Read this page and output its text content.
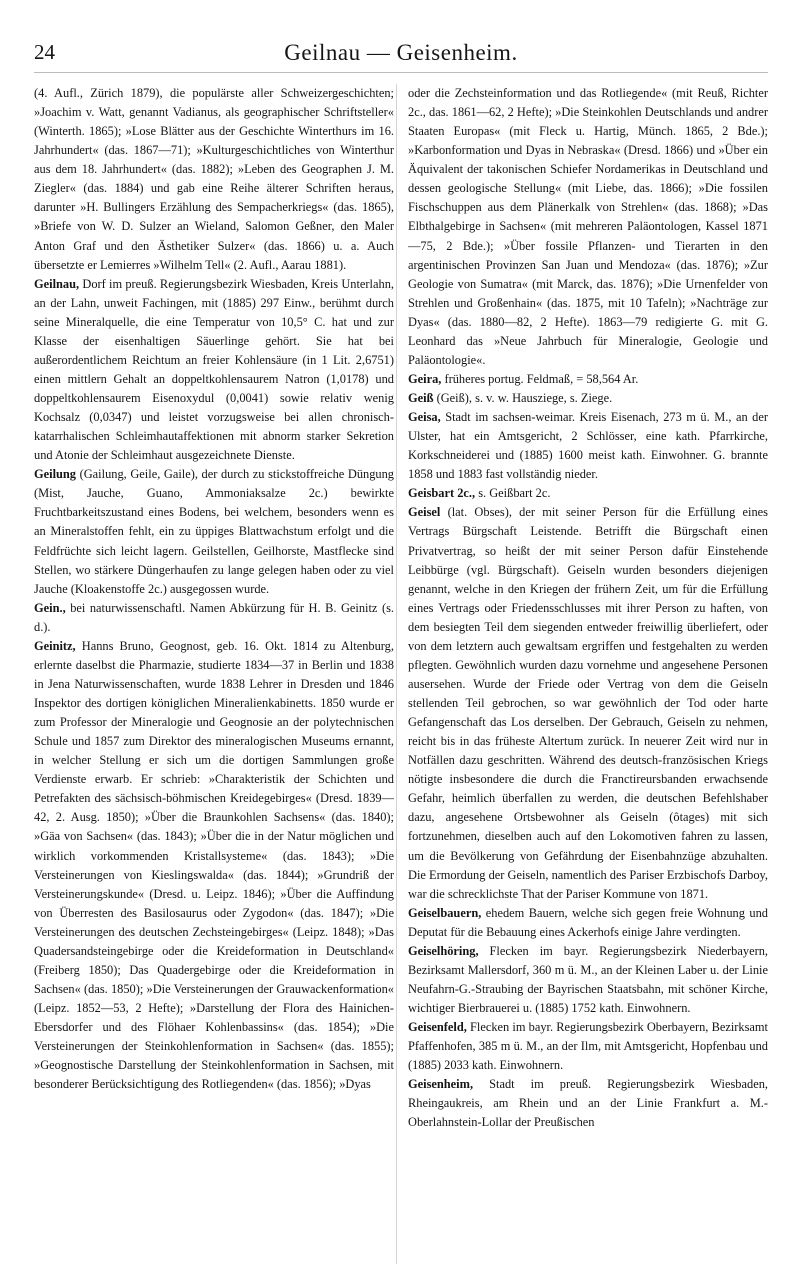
24	Geilnau — Geisenheim.

(4. Aufl., Zürich 1879), die populärste aller Schweizergeschichten; »Joachim v. Watt, genannt Vadianus, als geographischer Schriftsteller« (Winterth. 1865); »Lose Blätter aus der Geschichte Winterthurs im 16. Jahrhundert« (das. 1867—71); »Kulturgeschichtliches von Winterthur aus dem 18. Jahrhundert« (das. 1882); »Leben des Geographen J. M. Ziegler« (das. 1884) und gab eine Reihe älterer Schriften heraus, darunter »H. Bullingers Erzählung des Sempacherkriegs« (das. 1865), »Briefe von W. D. Sulzer an Wieland, Salomon Geßner, den Maler Anton Graf und den Ästhetiker Sulzer« (das. 1866) u. a. Auch übersetzte er Lemierres »Wilhelm Tell« (2. Aufl., Aarau 1881).

Geilnau, Dorf im preuß. Regierungsbezirk Wiesbaden, Kreis Unterlahn, an der Lahn, unweit Fachingen, mit (1885) 297 Einw., berühmt durch seine Mineralquelle, die eine Temperatur von 10,5° C. hat und zur Klasse der eisenhaltigen Säuerlinge gehört. Sie hat bei außerordentlichem Reichtum an freier Kohlensäure (in 1 Lit. 2,6751) einen mittlern Gehalt an doppeltkohlensaurem Natron (1,0178) und doppeltkohlensaurem Eisenoxydul (0,0041) sowie relativ wenig Kochsalz (0,0347) und leistet vorzugsweise bei allen chronisch-katarrhalischen Schleimhautaffektionen mit abnorm starker Sekretion und Atonie der Schleimhaut ausgezeichnete Dienste.

Geilung (Gailung, Geile, Gaile), der durch zu stickstoffreiche Düngung (Mist, Jauche, Guano, Ammoniaksalze 2c.) bewirkte Fruchtbarkeitszustand eines Bodens, bei welchem, besonders wenn es an Mineralstoffen fehlt, ein zu üppiges Blattwachstum erfolgt und die Feldfrüchte sich leicht lagern. Geilstellen, Geilhorste, Mastflecke sind Stellen, wo stärkere Düngerhaufen zu lange gelegen haben oder zu viel Jauche (Kloakenstoffe 2c.) ausgegossen wurde.

Gein., bei naturwissenschaftl. Namen Abkürzung für H. B. Geinitz (s. d.).

Geinitz, Hanns Bruno, Geognost, geb. 16. Okt. 1814 zu Altenburg, erlernte daselbst die Pharmazie, studierte 1834—37 in Berlin und 1838 in Jena Naturwissenschaften, wurde 1838 Lehrer in Dresden und 1846 Inspektor des dortigen königlichen Mineralienkabinetts. 1850 wurde er zum Professor der Mineralogie und Geognosie an der polytechnischen Schule und 1857 zum Direktor des mineralogischen Museums ernannt, in welcher Stellung er sich um die dortigen Sammlungen große Verdienste erwarb. Er schrieb: »Charakteristik der Schichten und Petrefakten des sächsisch-böhmischen Kreidegebirges« (Dresd. 1839—42, 2. Ausg. 1850); »Über die Braunkohlen Sachsens« (das. 1840); »Gäa von Sachsen« (das. 1843); »Über die in der Natur möglichen und wirklich vorkommenden Kristallsysteme« (das. 1843); »Die Versteinerungen von Kieslingswalda« (das. 1844); »Grundriß der Versteinerungskunde« (Dresd. u. Leipz. 1846); »Über die Auffindung von Überresten des Basilosaurus oder Zygodon« (das. 1847); »Die Versteinerungen des deutschen Zechsteingebirges« (Leipz. 1848); »Das Quadersandsteingebirge oder die Kreideformation in Deutschland« (Freiberg 1850); Das Quadergebirge oder die Kreideformation in Sachsen« (das. 1850); »Die Versteinerungen der Grauwackenformation« (Leipz. 1852—53, 2 Hefte); »Darstellung der Flora des Hainichen-Ebersdorfer und des Flöhaer Kohlenbassins« (das. 1854); »Die Versteinerungen der Steinkohlenformation in Sachsen« (das. 1855); »Geognostische Darstellung der Steinkohlenformation in Sachsen, mit besonderer Berücksichtigung des Rotliegenden« (das. 1856); »Dyas

oder die Zechsteinformation und das Rotliegende« (mit Reuß, Richter 2c., das. 1861—62, 2 Hefte); »Die Steinkohlen Deutschlands und andrer Staaten Europas« (mit Fleck u. Hartig, Münch. 1865, 2 Bde.); »Karbonformation und Dyas in Nebraska« (Dresd. 1866) und »Über ein Äquivalent der takonischen Schiefer Nordamerikas in Deutschland und dessen geologische Stellung« (mit Liebe, das. 1866); »Die fossilen Fischschuppen aus dem Plänerkalk von Strehlen« (das. 1868); »Das Elbthalgebirge in Sachsen« (mit mehreren Paläontologen, Kassel 1871—75, 2 Bde.); »Über fossile Pflanzen- und Tierarten in den argentinischen Provinzen San Juan und Mendoza« (das. 1876); »Zur Geologie von Sumatra« (mit Marck, das. 1876); »Die Urnenfelder von Strehlen und Großenhain« (das. 1875, mit 10 Tafeln); »Nachträge zur Dyas« (das. 1880—82, 2 Hefte). 1863—79 redigierte G. mit G. Leonhard das »Neue Jahrbuch für Mineralogie, Geologie und Paläontologie«.

Geira, früheres portug. Feldmaß, = 58,564 Ar.

Geiß (Geiß), s. v. w. Hausziege, s. Ziege.

Geisa, Stadt im sachsen-weimar. Kreis Eisenach, 273 m ü. M., an der Ulster, hat ein Amtsgericht, 2 Schlösser, eine kath. Pfarrkirche, Korkschneiderei und (1885) 1600 meist kath. Einwohner. G. brannte 1858 und 1883 fast vollständig nieder.

Geisbart 2c., s. Geißbart 2c.

Geisel (lat. Obses), der mit seiner Person für die Erfüllung eines Vertrags Bürgschaft Leistende. Betrifft die Bürgschaft einen Privatvertrag, so heißt der mit seiner Person dafür Einstehende Leibbürge (vgl. Bürgschaft). Geiseln wurden besonders diejenigen genannt, welche in den Kriegen der frühern Zeit, um für die Erfüllung eines Vertrags oder Friedensschlusses mit ihrer Person zu haften, von dem besiegten Teil dem siegenden entweder freiwillig überliefert, oder von dem letztern auch gewaltsam ergriffen und festgehalten zu werden pflegten. Gewöhnlich wurden dazu vornehme und angesehene Personen ausersehen. Wurde der Friede oder Vertrag von dem die Geiseln stellenden Teil gebrochen, so war gewöhnlich der Tod oder harte Gefangenschaft das Los derselben. Der Gebrauch, Geiseln zu nehmen, reicht bis in das früheste Altertum zurück. In neuerer Zeit wird nur in Notfällen dazu geschritten. Während des deutsch-französischen Kriegs nötigte insbesondere die durch die Franctireursbanden erwachsende Gefahr, heimlich überfallen zu werden, die deutschen Befehlshaber dazu, angesehene Ortsbewohner als Geiseln (ôtages) mit sich fortzunehmen, dieselben auch auf den Lokomotiven fahren zu lassen, um die Bevölkerung von Gefährdung der Eisenbahnzüge abzuhalten. Die Ermordung der Geiseln, namentlich des Pariser Erzbischofs Darboy, war die schrecklichste That der Pariser Kommune von 1871.

Geiselbauern, ehedem Bauern, welche sich gegen freie Wohnung und Deputat für die Bebauung eines Ackerhofs einige Jahre verdingten.

Geiselhöring, Flecken im bayr. Regierungsbezirk Niederbayern, Bezirksamt Mallersdorf, 360 m ü. M., an der Kleinen Laber u. der Linie Neufahrn-G.-Straubing der Bayrischen Staatsbahn, mit schöner Kirche, wichtiger Bierbrauerei u. (1885) 1752 kath. Einwohnern.

Geisenfeld, Flecken im bayr. Regierungsbezirk Oberbayern, Bezirksamt Pfaffenhofen, 385 m ü. M., an der Ilm, mit Amtsgericht, Hopfenbau und (1885) 2033 kath. Einwohnern.

Geisenheim, Stadt im preuß. Regierungsbezirk Wiesbaden, Rheingaukreis, am Rhein und an der Linie Frankfurt a. M.-Oberlahnstein-Lollar der Preußischen
